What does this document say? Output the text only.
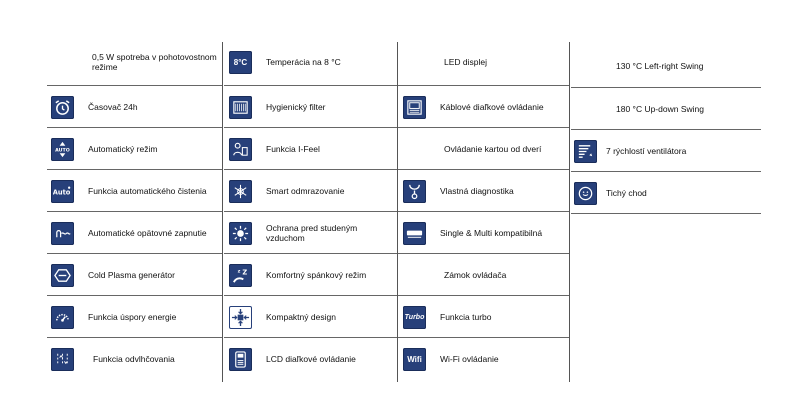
0,5 W spotreba v pohotovostnom režime
Časovač 24h
AUTO Automatický režim
Auto Funkcia automatického čistenia
Automatické opätovné zapnutie
Cold Plasma generátor
Funkcia úspory energie
Funkcia odvlhčovania
8°C	Temperácia na 8 °C
Hygienický filter
Funkcia I-Feel
Smart odmrazovanie
Ochrana pred studeným vzduchom
Z
z	Komfortný spánkový režim
Kompaktný design
LCD diaľkové ovládanie
LED displej
Káblové diaľkové ovládanie
Ovládanie kartou od dverí
Vlastná diagnostika
Single & Multi kompatibilná
Zámok ovládača
Turbo Funkcia turbo
Wifi	Wi-Fi ovládanie
130 °C Left-right Swing
180 °C Up-down Swing
7 rýchlostí ventilátora
Tichý chod
